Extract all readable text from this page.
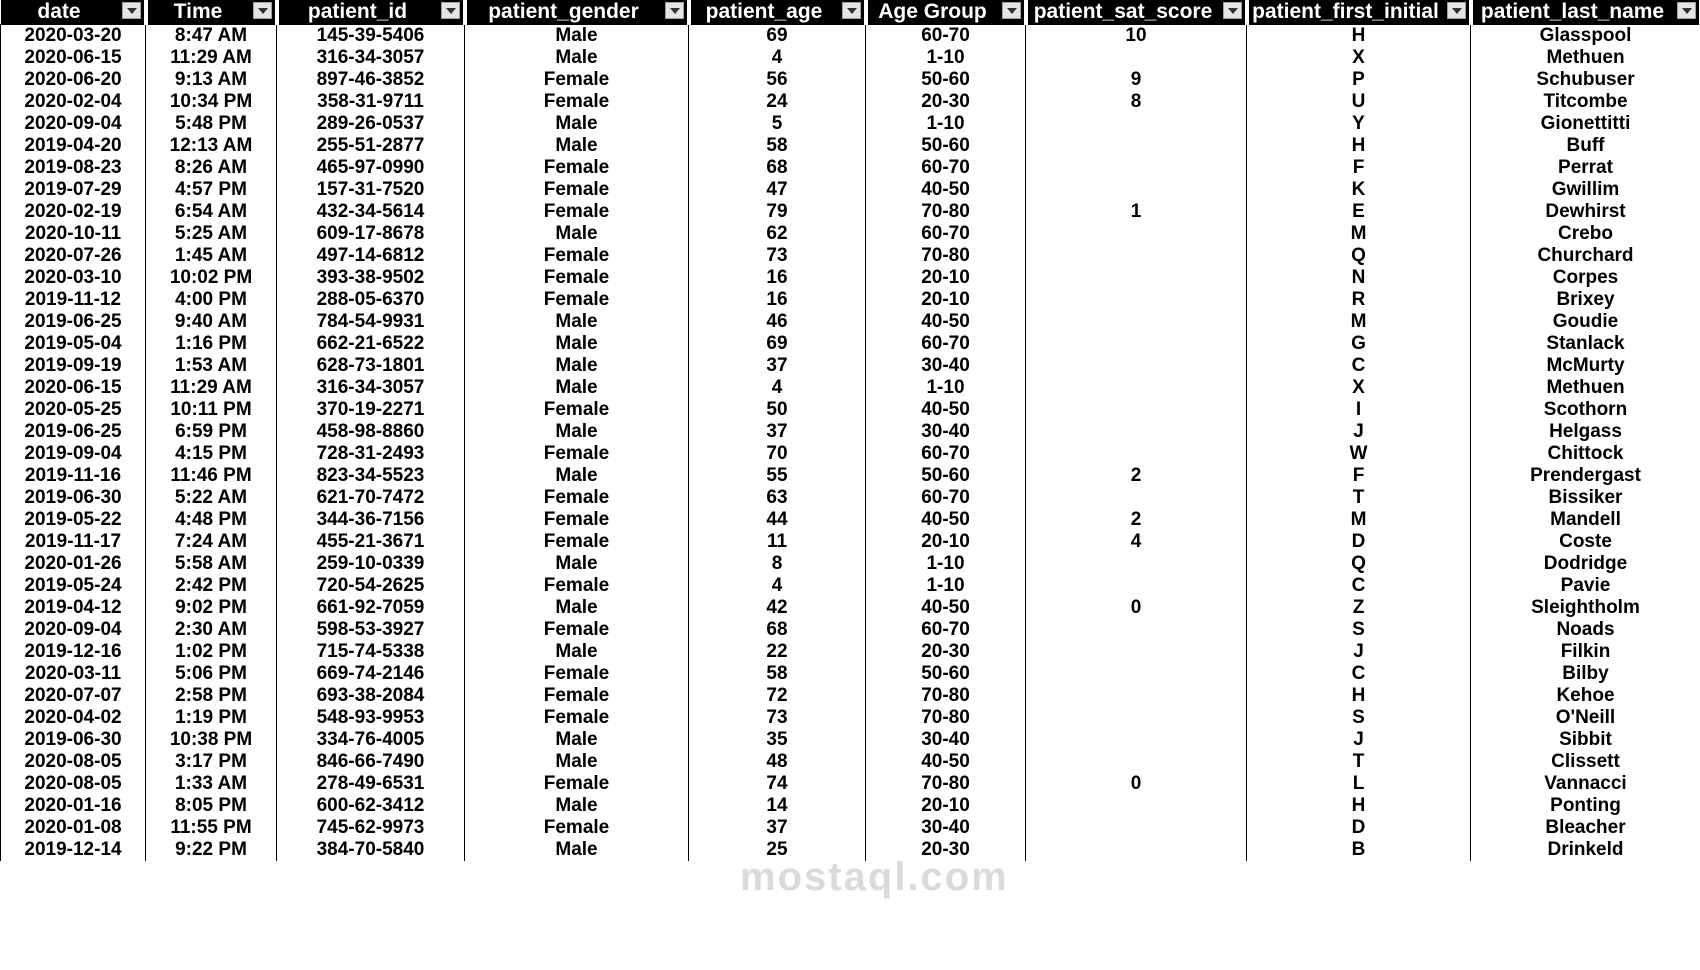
date	Time	patient_id	patient_gender	patient_age	Age Group	patient_sat_score	patient_first_initial	patient_last_name

2020-03-20	8:47 AM	145-39-5406	Male	69	60-70	10	H	Glasspool
2020-06-15	11:29 AM	316-34-3057	Male	4	1-10		X	Methuen
2020-06-20	9:13 AM	897-46-3852	Female	56	50-60	9	P	Schubuser
2020-02-04	10:34 PM	358-31-9711	Female	24	20-30	8	U	Titcombe
2020-09-04	5:48 PM	289-26-0537	Male	5	1-10		Y	Gionettitti
2019-04-20	12:13 AM	255-51-2877	Male	58	50-60		H	Buff
2019-08-23	8:26 AM	465-97-0990	Female	68	60-70		F	Perrat
2019-07-29	4:57 PM	157-31-7520	Female	47	40-50		K	Gwillim
2020-02-19	6:54 AM	432-34-5614	Female	79	70-80	1	E	Dewhirst
2020-10-11	5:25 AM	609-17-8678	Male	62	60-70		M	Crebo
2020-07-26	1:45 AM	497-14-6812	Female	73	70-80		Q	Churchard
2020-03-10	10:02 PM	393-38-9502	Female	16	20-10		N	Corpes
2019-11-12	4:00 PM	288-05-6370	Female	16	20-10		R	Brixey
2019-06-25	9:40 AM	784-54-9931	Male	46	40-50		M	Goudie
2019-05-04	1:16 PM	662-21-6522	Male	69	60-70		G	Stanlack
2019-09-19	1:53 AM	628-73-1801	Male	37	30-40		C	McMurty
2020-06-15	11:29 AM	316-34-3057	Male	4	1-10		X	Methuen
2020-05-25	10:11 PM	370-19-2271	Female	50	40-50		I	Scothorn
2019-06-25	6:59 PM	458-98-8860	Male	37	30-40		J	Helgass
2019-09-04	4:15 PM	728-31-2493	Female	70	60-70		W	Chittock
2019-11-16	11:46 PM	823-34-5523	Male	55	50-60	2	F	Prendergast
2019-06-30	5:22 AM	621-70-7472	Female	63	60-70		T	Bissiker
2019-05-22	4:48 PM	344-36-7156	Female	44	40-50	2	M	Mandell
2019-11-17	7:24 AM	455-21-3671	Female	11	20-10	4	D	Coste
2020-01-26	5:58 AM	259-10-0339	Male	8	1-10		Q	Dodridge
2019-05-24	2:42 PM	720-54-2625	Female	4	1-10		C	Pavie
2019-04-12	9:02 PM	661-92-7059	Male	42	40-50	0	Z	Sleightholm
2020-09-04	2:30 AM	598-53-3927	Female	68	60-70		S	Noads
2019-12-16	1:02 PM	715-74-5338	Male	22	20-30		J	Filkin
2020-03-11	5:06 PM	669-74-2146	Female	58	50-60		C	Bilby
2020-07-07	2:58 PM	693-38-2084	Female	72	70-80		H	Kehoe
2020-04-02	1:19 PM	548-93-9953	Female	73	70-80		S	O'Neill
2019-06-30	10:38 PM	334-76-4005	Male	35	30-40		J	Sibbit
2020-08-05	3:17 PM	846-66-7490	Male	48	40-50		T	Clissett
2020-08-05	1:33 AM	278-49-6531	Female	74	70-80	0	L	Vannacci
2020-01-16	8:05 PM	600-62-3412	Male	14	20-10		H	Ponting
2020-01-08	11:55 PM	745-62-9973	Female	37	30-40		D	Bleacher
2019-12-14	9:22 PM	384-70-5840	Male	25	20-30		B	Drinkeld
mostaql.com
